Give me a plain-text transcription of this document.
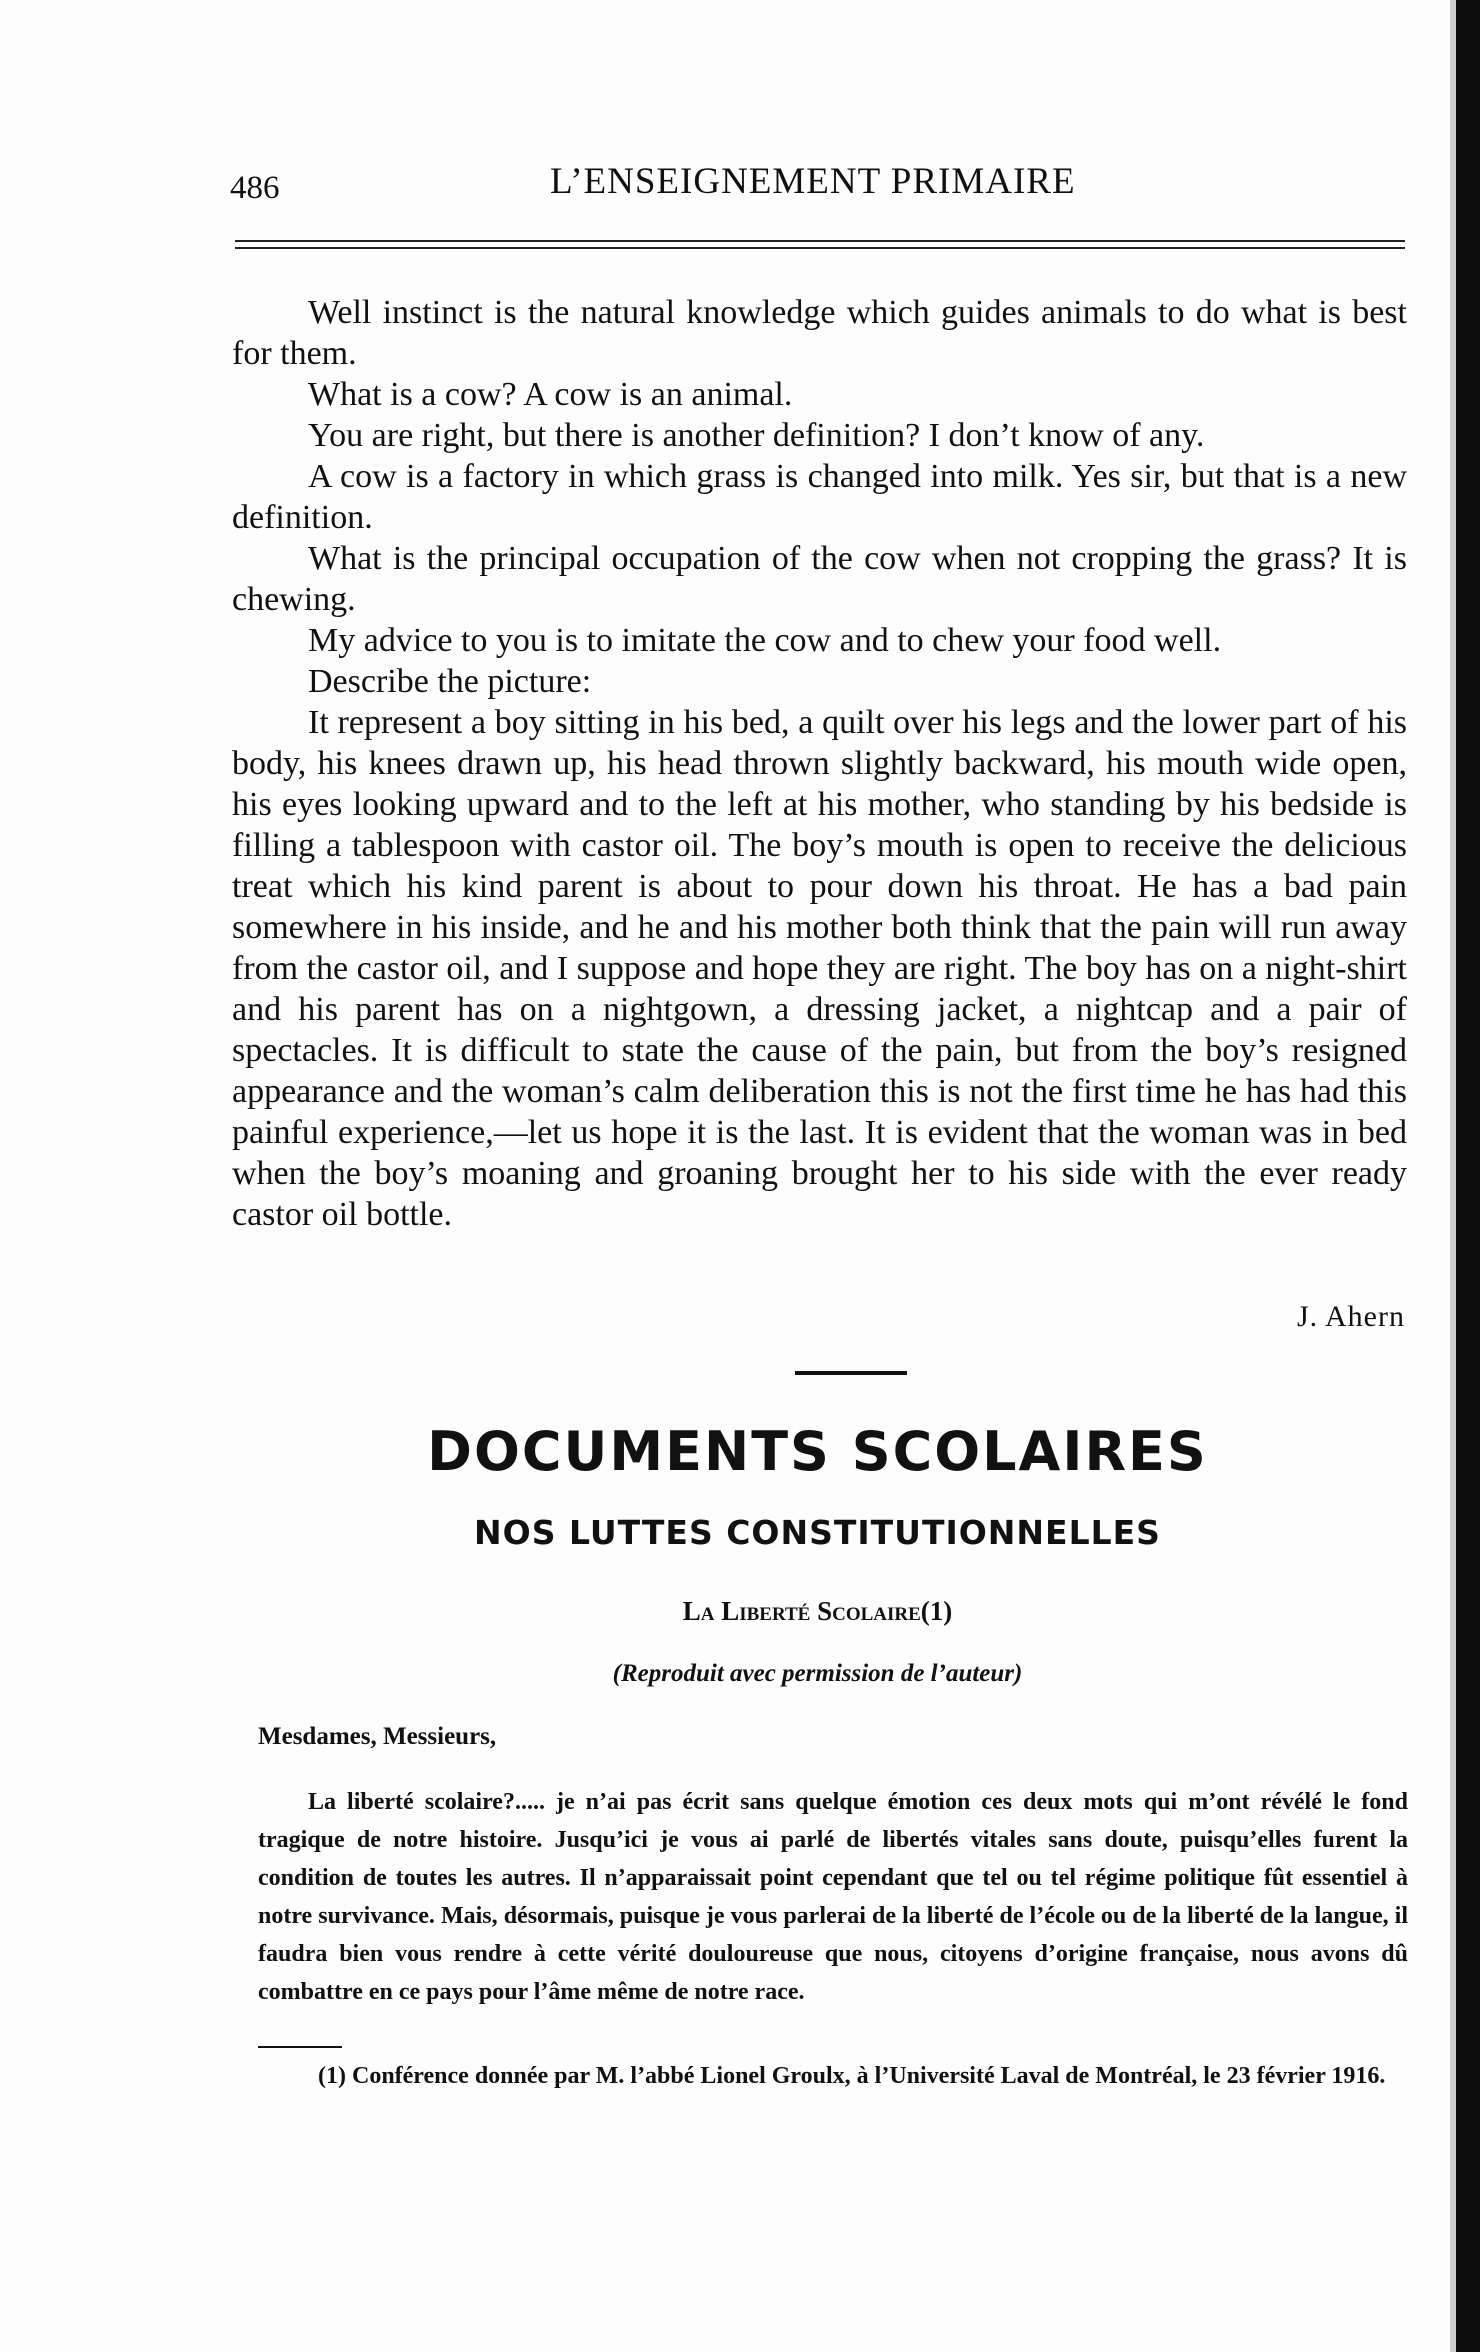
486	L’ENSEIGNEMENT PRIMAIRE

Well instinct is the natural knowledge which guides animals to do what is best for them.

What is a cow? A cow is an animal.

You are right, but there is another definition? I don’t know of any.

A cow is a factory in which grass is changed into milk. Yes sir, but that is a new definition.

What is the principal occupation of the cow when not cropping the grass? It is chewing.

My advice to you is to imitate the cow and to chew your food well.

Describe the picture:

It represent a boy sitting in his bed, a quilt over his legs and the lower part of his body, his knees drawn up, his head thrown slightly backward, his mouth wide open, his eyes looking upward and to the left at his mother, who standing by his bedside is filling a tablespoon with castor oil. The boy’s mouth is open to receive the delicious treat which his kind parent is about to pour down his throat. He has a bad pain somewhere in his inside, and he and his mother both think that the pain will run away from the castor oil, and I suppose and hope they are right. The boy has on a night-shirt and his parent has on a nightgown, a dressing jacket, a nightcap and a pair of spectacles. It is difficult to state the cause of the pain, but from the boy’s resigned appearance and the woman’s calm deliberation this is not the first time he has had this painful experience,—let us hope it is the last. It is evident that the woman was in bed when the boy’s moaning and groaning brought her to his side with the ever ready castor oil bottle.

J. Ahern
DOCUMENTS SCOLAIRES
NOS LUTTES CONSTITUTIONNELLES
La Liberté Scolaire(1)
(Reproduit avec permission de l’auteur)
Mesdames, Messieurs,

La liberté scolaire?..... je n’ai pas écrit sans quelque émotion ces deux mots qui m’ont révélé le fond tragique de notre histoire. Jusqu’ici je vous ai parlé de libertés vitales sans doute, puisqu’elles furent la condition de toutes les autres. Il n’apparaissait point cependant que tel ou tel régime politique fût essentiel à notre survivance. Mais, désormais, puisque je vous parlerai de la liberté de l’école ou de la liberté de la langue, il faudra bien vous rendre à cette vérité douloureuse que nous, citoyens d’origine française, nous avons dû combattre en ce pays pour l’âme même de notre race.

(1) Conférence donnée par M. l’abbé Lionel Groulx, à l’Université Laval de Montréal, le 23 février 1916.
